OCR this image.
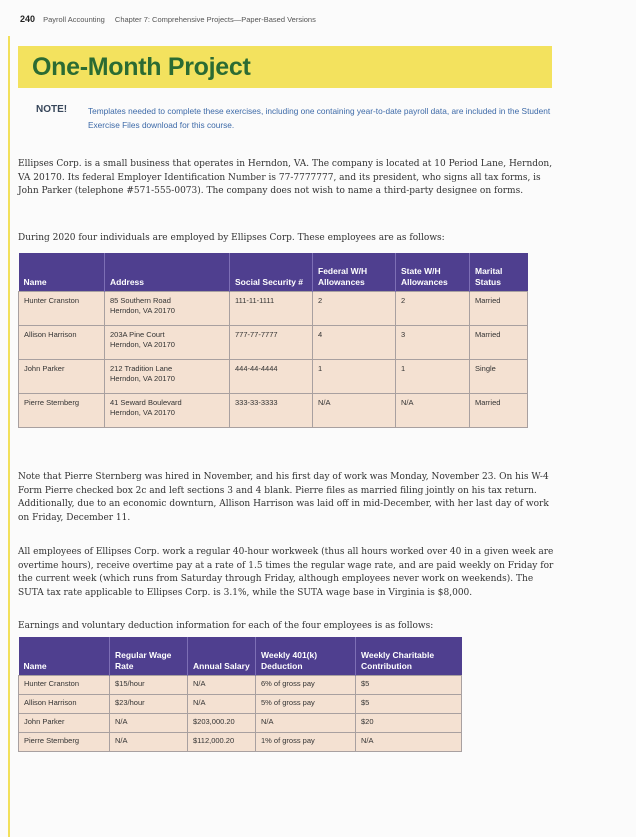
240 Payroll Accounting Chapter 7: Comprehensive Projects—Paper-Based Versions
One-Month Project
NOTE!	Templates needed to complete these exercises, including one containing year-to-date payroll data, are included in the Student Exercise Files download for this course.

Ellipses Corp. is a small business that operates in Herndon, VA. The company is located at 10 Period Lane, Herndon, VA 20170. Its federal Employer Identification Number is 77-7777777, and its president, who signs all tax forms, is John Parker (telephone #571-555-0073). The company does not wish to name a third-party designee on forms.

During 2020 four individuals are employed by Ellipses Corp. These employees are as follows:

Name	Address	Social Security #	Federal W/H Allowances	State W/H Allowances	Marital Status
Hunter Cranston	85 Southern Road
Herndon, VA 20170	111-11-1111	2	2	Married
Allison Harrison	203A Pine Court
Herndon, VA 20170	777-77-7777	4	3	Married
John Parker	212 Tradition Lane
Herndon, VA 20170	444-44-4444	1	1	Single
Pierre Sternberg	41 Seward Boulevard
Herndon, VA 20170	333-33-3333	N/A	N/A	Married

Note that Pierre Sternberg was hired in November, and his first day of work was Monday, November 23. On his W-4 Form Pierre checked box 2c and left sections 3 and 4 blank. Pierre files as married filing jointly on his tax return. Additionally, due to an economic downturn, Allison Harrison was laid off in mid-December, with her last day of work on Friday, December 11.

All employees of Ellipses Corp. work a regular 40-hour workweek (thus all hours worked over 40 in a given week are overtime hours), receive overtime pay at a rate of 1.5 times the regular wage rate, and are paid weekly on Friday for the current week (which runs from Saturday through Friday, although employees never work on weekends). The SUTA tax rate applicable to Ellipses Corp. is 3.1%, while the SUTA wage base in Virginia is $8,000.

Earnings and voluntary deduction information for each of the four employees is as follows:

Name	Regular Wage Rate	Annual Salary	Weekly 401(k) Deduction	Weekly Charitable Contribution
Hunter Cranston	$15/hour	N/A	6% of gross pay	$5
Allison Harrison	$23/hour	N/A	5% of gross pay	$5
John Parker	N/A	$203,000.20	N/A	$20
Pierre Sternberg	N/A	$112,000.20	1% of gross pay	N/A
